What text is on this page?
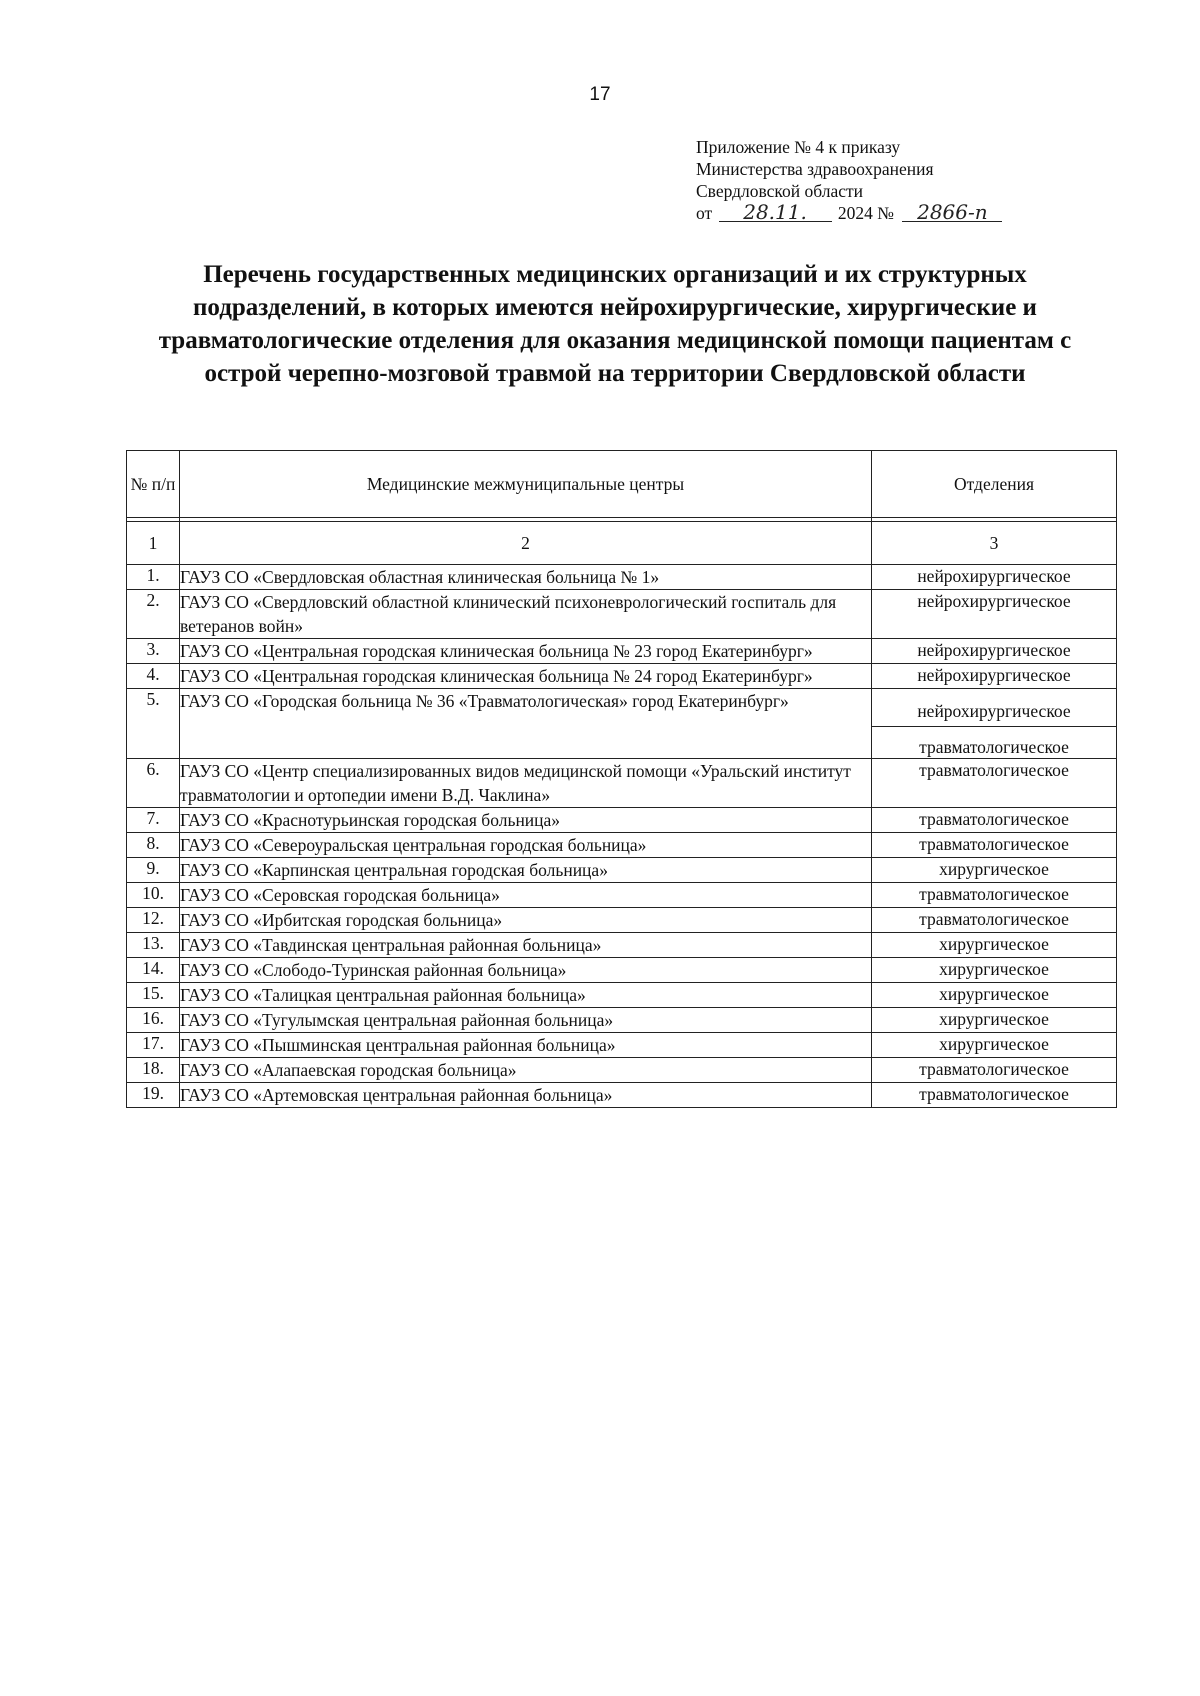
17
Приложение № 4 к приказу
Министерства здравоохранения
Свердловской области
от 28.11. 2024 № 2866-п
Перечень государственных медицинских организаций и их структурных подразделений, в которых имеются нейрохирургические, хирургические и травматологические отделения для оказания медицинской помощи пациентам с острой черепно-мозговой травмой на территории Свердловской области
№ п/п	Медицинские межмуниципальные центры	Отделения

1	2	3
1.	ГАУЗ СО «Свердловская областная клиническая больница № 1»	нейрохирургическое
2.	ГАУЗ СО «Свердловский областной клинический психоневрологический госпиталь для ветеранов войн»	нейрохирургическое
3.	ГАУЗ СО «Центральная городская клиническая больница № 23 город Екатеринбург»	нейрохирургическое
4.	ГАУЗ СО «Центральная городская клиническая больница № 24 город Екатеринбург»	нейрохирургическое
5.	ГАУЗ СО «Городская больница № 36 «Травматологическая» город Екатеринбург»	нейрохирургическое
травматологическое

6.	ГАУЗ СО «Центр специализированных видов медицинской помощи «Уральский институт травматологии и ортопедии имени В.Д. Чаклина»	травматологическое
7.	ГАУЗ СО «Краснотурьинская городская больница»	травматологическое
8.	ГАУЗ СО «Североуральская центральная городская больница»	травматологическое
9.	ГАУЗ СО «Карпинская центральная городская больница»	хирургическое
10.	ГАУЗ СО «Серовская городская больница»	травматологическое
12.	ГАУЗ СО «Ирбитская городская больница»	травматологическое
13.	ГАУЗ СО «Тавдинская центральная районная больница»	хирургическое
14.	ГАУЗ СО «Слободо-Туринская районная больница»	хирургическое
15.	ГАУЗ СО «Талицкая центральная районная больница»	хирургическое
16.	ГАУЗ СО «Тугулымская центральная районная больница»	хирургическое
17.	ГАУЗ СО «Пышминская центральная районная больница»	хирургическое
18.	ГАУЗ СО «Алапаевская городская больница»	травматологическое
19.	ГАУЗ СО «Артемовская центральная районная больница»	травматологическое
